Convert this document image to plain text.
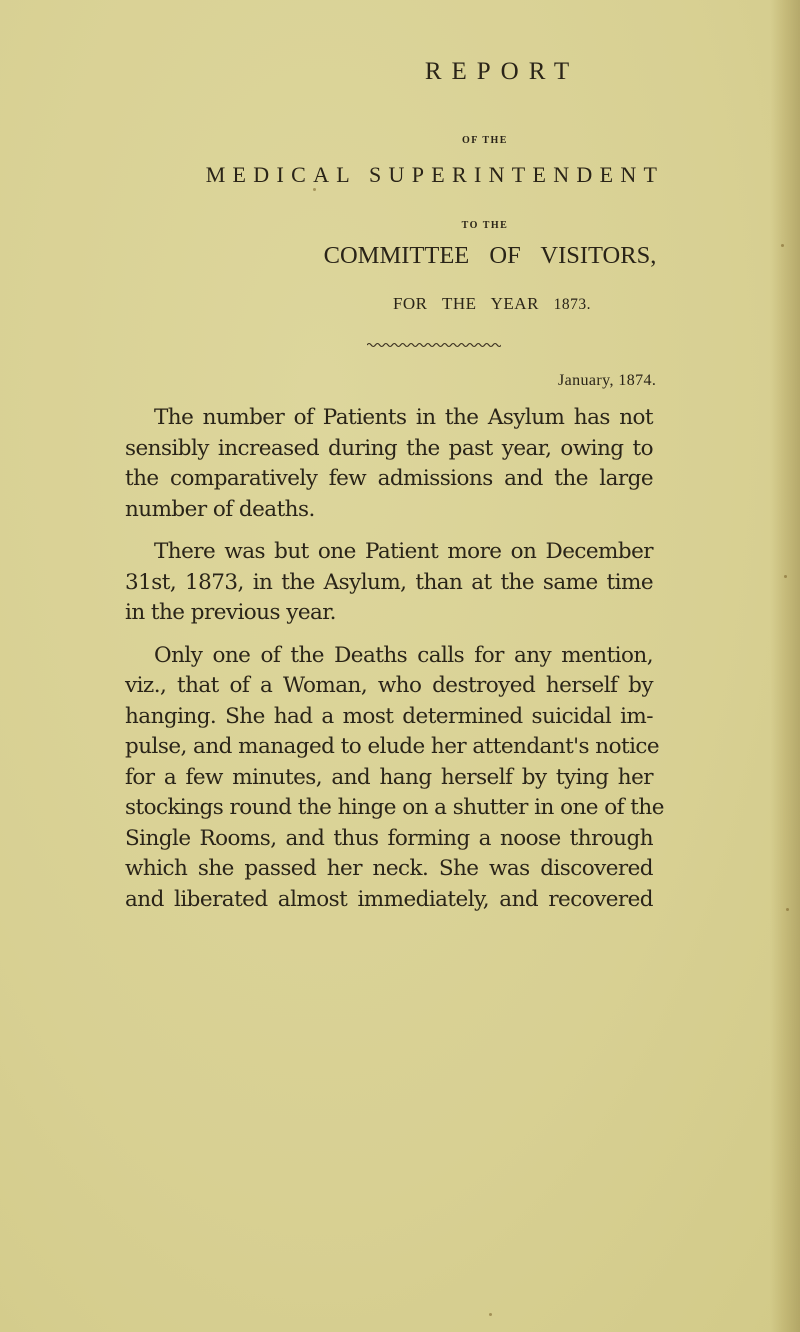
REPORT
OF THE
MEDICAL SUPERINTENDENT
TO THE
COMMITTEE OF VISITORS,
FOR THE YEAR 1873.
January, 1874.
The number of Patients in the Asylum has not
sensibly increased during the past year, owing to
the comparatively few admissions and the large
number of deaths.
There was but one Patient more on December
31st, 1873, in the Asylum, than at the same time
in the previous year.
Only one of the Deaths calls for any mention,
viz., that of a Woman, who destroyed herself by
hanging. She had a most determined suicidal im-
pulse, and managed to elude her attendant's notice
for a few minutes, and hang herself by tying her
stockings round the hinge on a shutter in one of the
Single Rooms, and thus forming a noose through
which she passed her neck. She was discovered
and liberated almost immediately, and recovered
